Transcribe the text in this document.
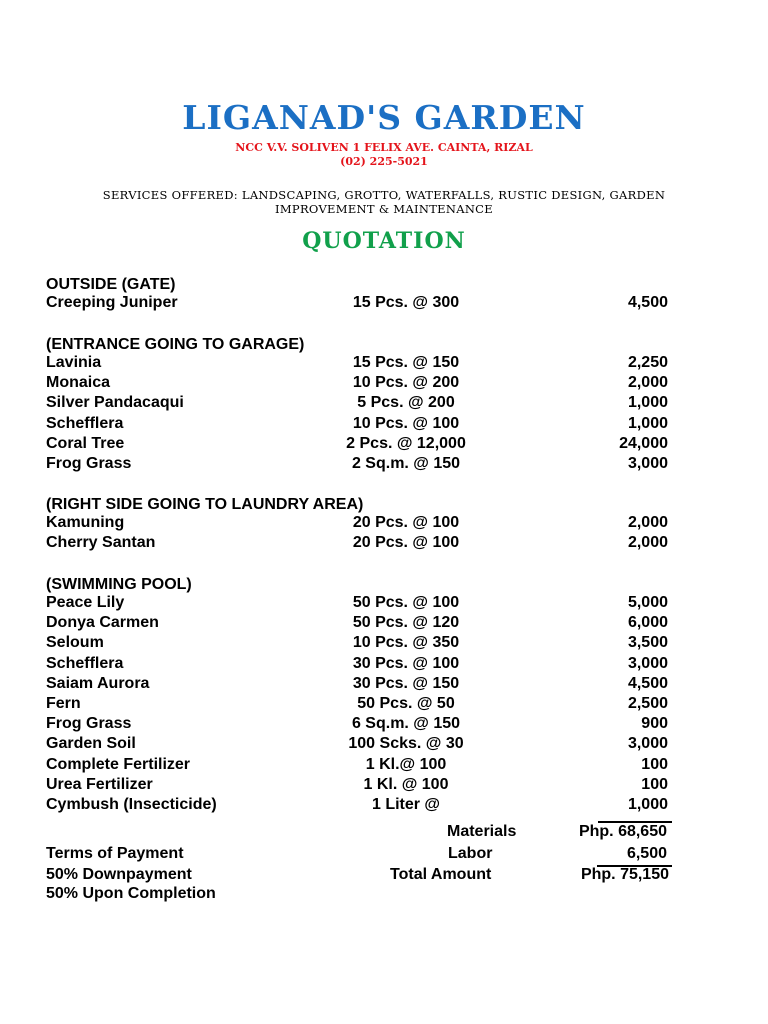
LIGANAD'S GARDEN
NCC V.V. SOLIVEN 1 FELIX AVE. CAINTA, RIZAL
(02) 225-5021
SERVICES OFFERED: LANDSCAPING, GROTTO, WATERFALLS, RUSTIC DESIGN, GARDEN IMPROVEMENT & MAINTENANCE
QUOTATION
OUTSIDE (GATE)
Creeping Juniper	15 Pcs. @ 300	4,500
(ENTRANCE GOING TO GARAGE)
Lavinia	15 Pcs. @ 150	2,250
Monaica	10 Pcs. @ 200	2,000
Silver Pandacaqui	5 Pcs. @ 200	1,000
Schefflera	10 Pcs. @ 100	1,000
Coral Tree	2 Pcs. @ 12,000	24,000
Frog Grass	2 Sq.m. @ 150	3,000
(RIGHT SIDE GOING TO LAUNDRY AREA)
Kamuning	20 Pcs. @ 100	2,000
Cherry Santan	20 Pcs. @ 100	2,000
(SWIMMING POOL)
Peace Lily	50 Pcs. @ 100	5,000
Donya Carmen	50 Pcs. @ 120	6,000
Seloum	10 Pcs. @ 350	3,500
Schefflera	30 Pcs. @ 100	3,000
Saiam Aurora	30 Pcs. @ 150	4,500
Fern	50 Pcs. @ 50	2,500
Frog Grass	6 Sq.m. @ 150	900
Garden Soil	100 Scks. @ 30	3,000
Complete Fertilizer	1 Kl.@ 100	100
Urea Fertilizer	1 Kl. @ 100	100
Cymbush (Insecticide)	1 Liter @	1,000
Materials	Php. 68,650
Terms of Payment	Labor	6,500
50% Downpayment	Total Amount	Php. 75,150
50% Upon Completion
